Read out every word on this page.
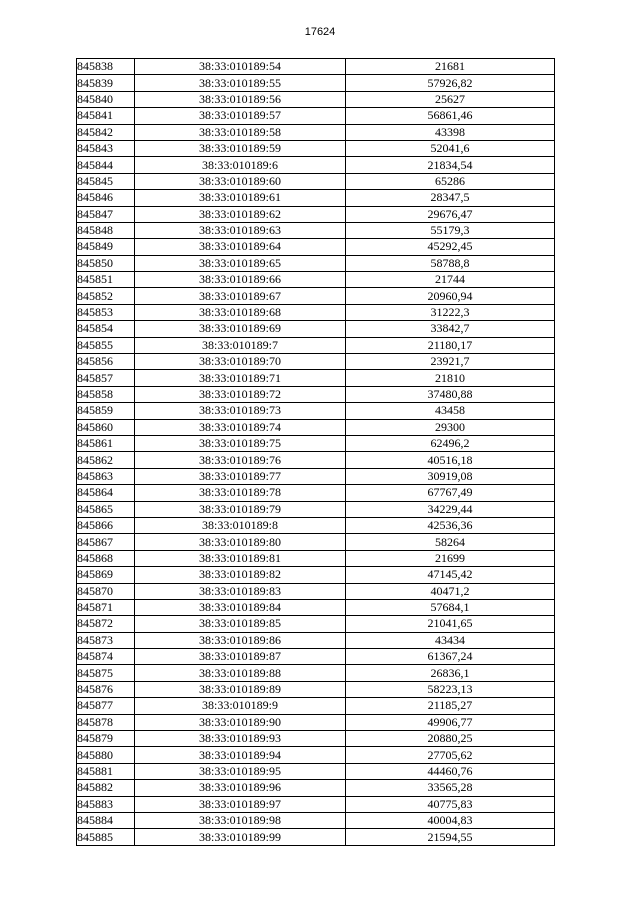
17624
845838	38:33:010189:54	21681
845839	38:33:010189:55	57926,82
845840	38:33:010189:56	25627
845841	38:33:010189:57	56861,46
845842	38:33:010189:58	43398
845843	38:33:010189:59	52041,6
845844	38:33:010189:6	21834,54
845845	38:33:010189:60	65286
845846	38:33:010189:61	28347,5
845847	38:33:010189:62	29676,47
845848	38:33:010189:63	55179,3
845849	38:33:010189:64	45292,45
845850	38:33:010189:65	58788,8
845851	38:33:010189:66	21744
845852	38:33:010189:67	20960,94
845853	38:33:010189:68	31222,3
845854	38:33:010189:69	33842,7
845855	38:33:010189:7	21180,17
845856	38:33:010189:70	23921,7
845857	38:33:010189:71	21810
845858	38:33:010189:72	37480,88
845859	38:33:010189:73	43458
845860	38:33:010189:74	29300
845861	38:33:010189:75	62496,2
845862	38:33:010189:76	40516,18
845863	38:33:010189:77	30919,08
845864	38:33:010189:78	67767,49
845865	38:33:010189:79	34229,44
845866	38:33:010189:8	42536,36
845867	38:33:010189:80	58264
845868	38:33:010189:81	21699
845869	38:33:010189:82	47145,42
845870	38:33:010189:83	40471,2
845871	38:33:010189:84	57684,1
845872	38:33:010189:85	21041,65
845873	38:33:010189:86	43434
845874	38:33:010189:87	61367,24
845875	38:33:010189:88	26836,1
845876	38:33:010189:89	58223,13
845877	38:33:010189:9	21185,27
845878	38:33:010189:90	49906,77
845879	38:33:010189:93	20880,25
845880	38:33:010189:94	27705,62
845881	38:33:010189:95	44460,76
845882	38:33:010189:96	33565,28
845883	38:33:010189:97	40775,83
845884	38:33:010189:98	40004,83
845885	38:33:010189:99	21594,55
